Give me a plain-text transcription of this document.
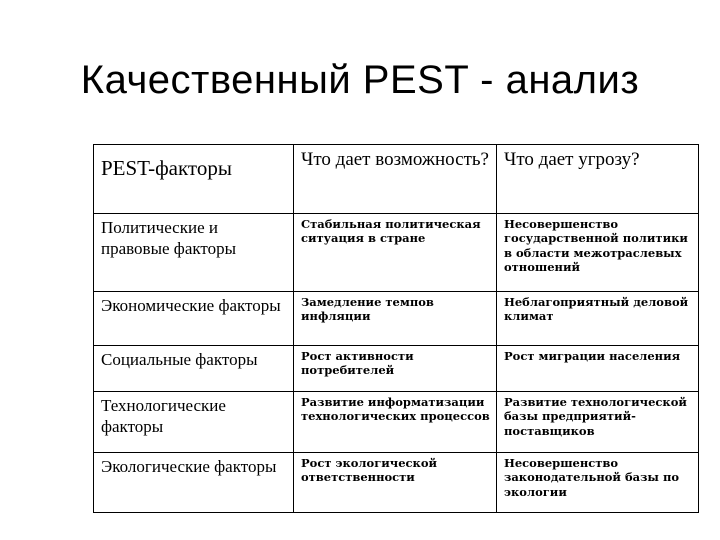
Качественный PEST - анализ
PEST-факторы	Что дает возможность?	Что дает угрозу?
Политические и правовые факторы	Стабильная политическая ситуация в стране	Несовершенство государственной политики в области межотраслевых отношений
Экономические факторы	Замедление темпов инфляции	Неблагоприятный деловой климат
Социальные факторы	Рост активности потребителей	Рост миграции населения
Технологические факторы	Развитие информатизации технологических процессов	Развитие технологической базы предприятий-поставщиков
Экологические факторы	Рост экологической ответственности	Несовершенство законодательной базы по экологии
